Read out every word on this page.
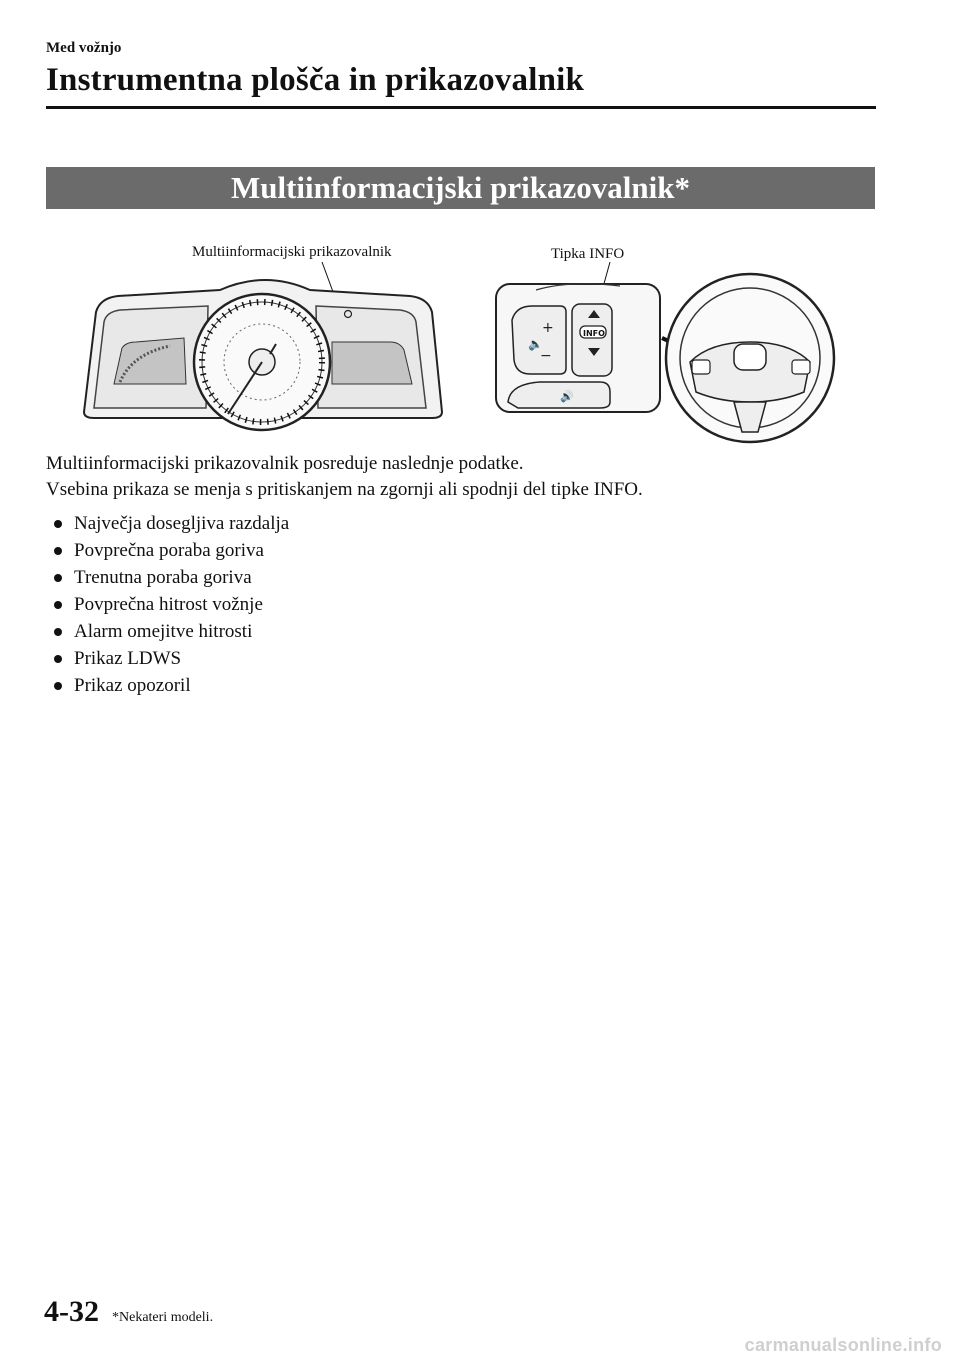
Med vožnjo
Instrumentna plošča in prikazovalnik
Multiinformacijski prikazovalnik*
Multiinformacijski prikazovalnik	Tipka INFO
+
−
🔈
INFO
🔊

Multiinformacijski prikazovalnik posreduje naslednje podatke.

Vsebina prikaza se menja s pritiskanjem na zgornji ali spodnji del tipke INFO.

Največja dosegljiva razdalja
Povprečna poraba goriva
Trenutna poraba goriva
Povprečna hitrost vožnje
Alarm omejitve hitrosti
Prikaz LDWS
Prikaz opozoril
4-32 *Nekateri modeli.
carmanualsonline.info
